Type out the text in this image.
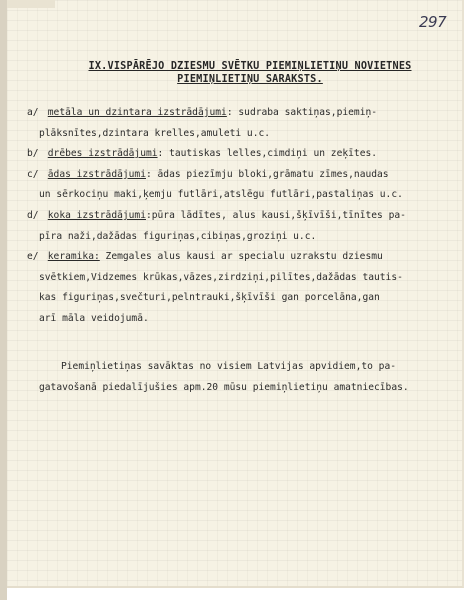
297
IX.VISPĀRĒJO DZIESMU SVĒTKU PIEMIŅLIETIŅU NOVIETNES
PIEMIŅLIETIŅU SARAKSTS.
a/ metāla un dzintara izstrādājumi: sudraba saktiņas,piemiņ-
plāksnītes,dzintara krelles,amuleti u.c.
b/ drēbes izstrādājumi: tautiskas lelles,cimdiņi un zeķītes.
c/ ādas izstrādājumi: ādas piezīmju bloki,grāmatu zīmes,naudas
un sērkociņu maki,ķemju futlāri,atslēgu futlāri,pastaliņas u.c.
d/ koka izstrādājumi:pūra lādītes, alus kausi,šķīvīši,tīnītes pa-
pīra naži,dažādas figuriņas,cibiņas,groziņi u.c.
e/ keramika: Zemgales alus kausi ar specialu uzrakstu dziesmu
svētkiem,Vidzemes krūkas,vāzes,zirdziņi,pilītes,dažādas tautis-
kas figuriņas,svečturi,pelntrauki,šķīvīši gan porcelāna,gan
arī māla veidojumā.
Piemiņlietiņas savāktas no visiem Latvijas apvidiem,to pa-
gatavošanā piedalījušies apm.20 mūsu piemiņlietiņu amatniecības.
